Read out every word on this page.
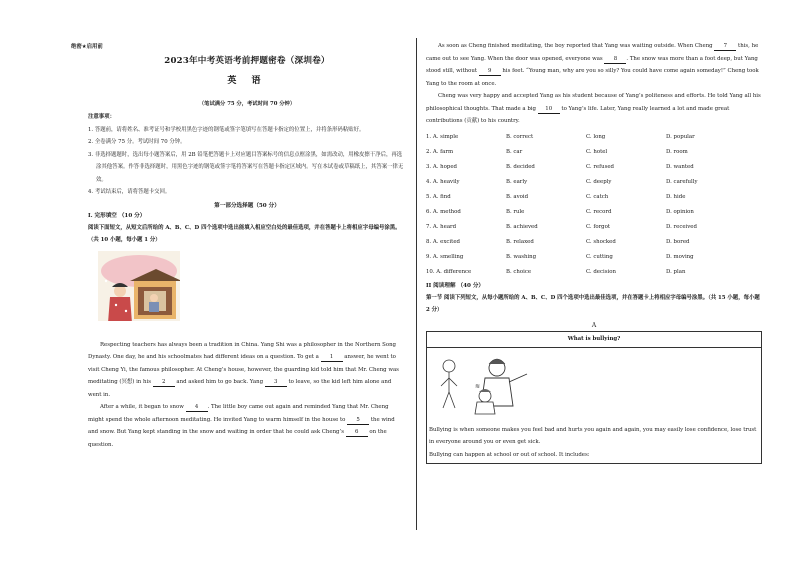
绝密★启用前
2023年中考英语考前押题密卷（深圳卷）
英 语
（笔试满分 75 分，考试时间 70 分钟）
注意事项：
1. 答题前，请将姓名、准考证号和学校用黑色字迹的钢笔或签字笔填写在答题卡指定的位置上，并将条形码粘贴好。
2. 全卷满分 75 分。考试时间 70 分钟。
3. 非选择题题时，选出每小题答案后，用 2B 铅笔把答题卡上对应题目答案标号的信息点框涂黑，如需改动，用橡皮擦干净后，再选涂其他答案。作答非选择题时，用黑色字迹的钢笔或签字笔将答案写在答题卡指定区域内。写在本试卷或草稿纸上，其答案一律无效。
4. 考试结束后，请将答题卡交回。
第一部分选择题（50 分）
I. 完形填空 （10 分）
阅读下面短文，从短文后所给的 A、B、C、D 四个选项中选出能填入相应空白处的最佳选项，并在答题卡上将相应字母编号涂黑。（共 10 小题，每小题 1 分）

Respecting teachers has always been a tradition in China. Yang Shi was a philosopher in the Northern Song Dynasty. One day, he and his schoolmates had different ideas on a question. To get a 1 answer, he went to visit Cheng Yi, the famous philosopher. At Cheng’s house, however, the guarding kid told him that Mr. Cheng was meditating (冥想) in his 2 and asked him to go back. Yang 3 to leave, so the kid left him alone and went in.

After a while, it began to snow 4 . The little boy came out again and reminded Yang that Mr. Cheng might spend the whole afternoon meditating. He invited Yang to warm himself in the house to 5 the wind and snow. But Yang kept standing in the snow and waiting in order that he could ask Cheng’s 6 on the question.

As soon as Cheng finished meditating, the boy reported that Yang was waiting outside. When Cheng 7 this, he came out to see Yang. When the door was opened, everyone was 8 . The snow was more than a foot deep, but Yang stood still, without 9 his feet. “Young man, why are you so silly? You could have come again someday!” Cheng took Yang to the room at once.

Cheng was very happy and accepted Yang as his student because of Yang’s politeness and efforts. He told Yang all his philosophical thoughts. That made a big 10 to Yang’s life. Later, Yang really learned a lot and made great contributions (贡献) to his country.

1. A. simple	B. correct	C. long	D. popular
2. A. farm	B. car	C. hotel	D. room
3. A. hoped	B. decided	C. refused	D. wanted
4. A. heavily	B. early	C. deeply	D. carefully
5. A. find	B. avoid	C. catch	D. hide
6. A. method	B. rule	C. record	D. opinion
7. A. heard	B. achieved	C. forgot	D. received
8. A. excited	B. relaxed	C. shocked	D. bored
9. A. smelling	B. washing	C. cutting	D. moving
10. A. difference	B. choice	C. decision	D. plan
II 阅读理解 （40 分）
第一节 阅读下列短文，从每小题所给的 A、B、C、D 四个选项中选出最佳选项，并在答题卡上将相应字母编号涂黑。（共 15 小题，每小题 2 分）
A
What is bullying?
≋
Bullying is when someone makes you feel bad and hurts you again and again, you may easily lose confidence, lose trust in everyone around you or even get sick.
Bullying can happen at school or out of school. It includes:
